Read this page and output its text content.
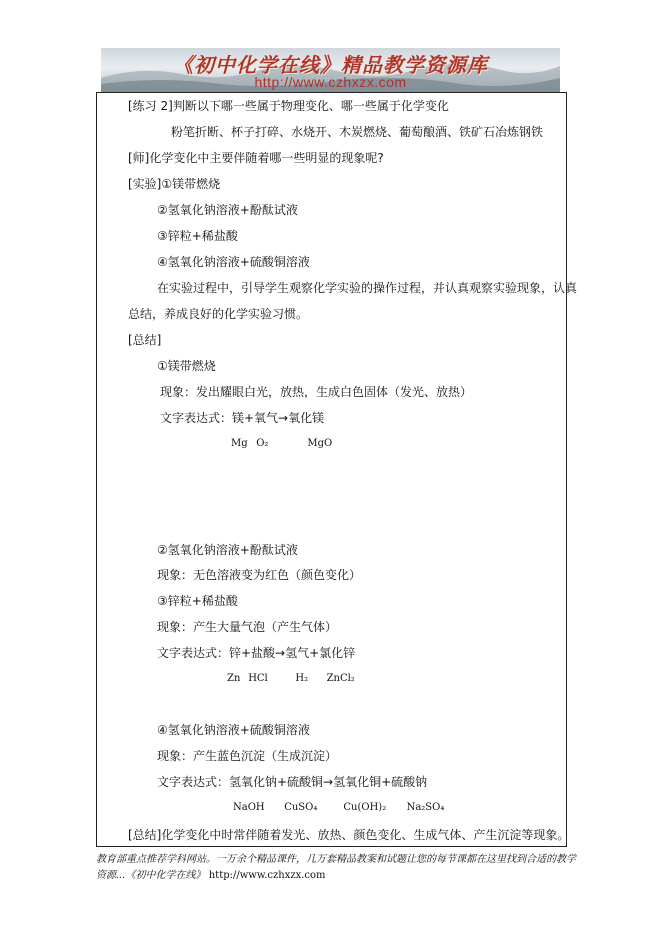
《初中化学在线》精品教学资源库
http://www.czhxzx.com
[练习 2]判断以下哪一些属于物理变化、哪一些属于化学变化
粉笔折断、杯子打碎、水烧开、木炭燃烧、葡萄酿酒、铁矿石冶炼钢铁
[师]化学变化中主要伴随着哪一些明显的现象呢?
[实验]①镁带燃烧
②氢氧化钠溶液+酚酞试液
③锌粒+稀盐酸
④氢氧化钠溶液+硫酸铜溶液
在实验过程中，引导学生观察化学实验的操作过程，并认真观察实验现象，认真
总结，养成良好的化学实验习惯。
[总结]
①镁带燃烧
现象：发出耀眼白光，放热，生成白色固体（发光、放热）
文字表达式：镁+氧气→氧化镁
Mg O₂	MgO
②氢氧化钠溶液+酚酞试液
现象：无色溶液变为红色（颜色变化）
③锌粒+稀盐酸
现象：产生大量气泡（产生气体）
文字表达式：锌+盐酸→氢气+氯化锌
Zn HCl	H₂ ZnCl₂
④氢氧化钠溶液+硫酸铜溶液
现象：产生蓝色沉淀（生成沉淀）
文字表达式：氢氧化钠+硫酸铜→氢氧化铜+硫酸钠
NaOH CuSO₄	Cu(OH)₂ Na₂SO₄
[总结]化学变化中时常伴随着发光、放热、颜色变化、生成气体、产生沉淀等现象。
教育部重点推荐学科网站。一万余个精品课件，几万套精品教案和试题让您的每节课都在这里找到合适的教学资源...《初中化学在线》 http://www.czhxzx.com
